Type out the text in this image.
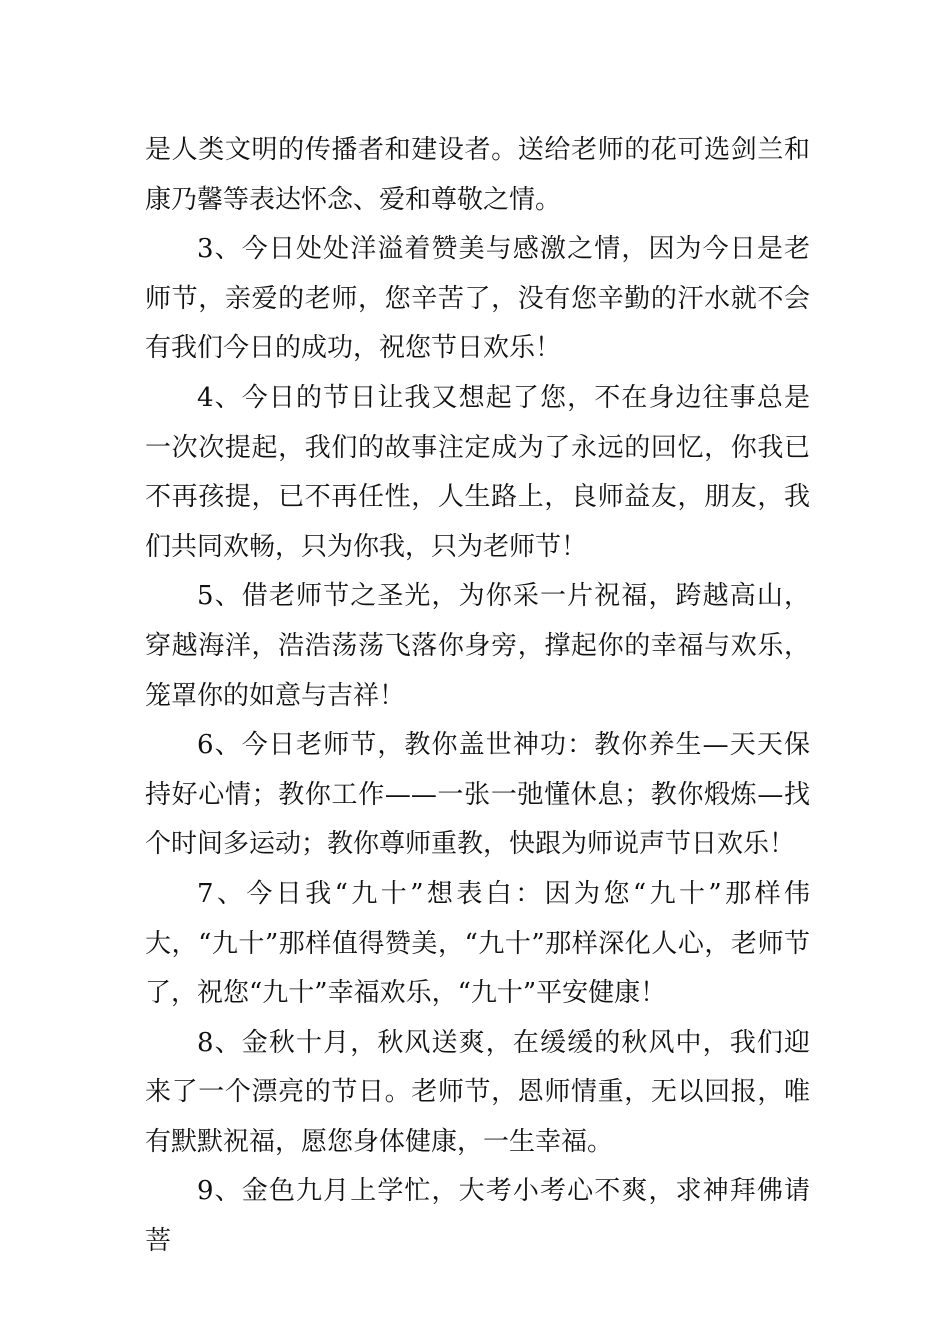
是人类文明的传播者和建设者。送给老师的花可选剑兰和康乃馨等表达怀念、爱和尊敬之情。

3、今日处处洋溢着赞美与感激之情，因为今日是老师节，亲爱的老师，您辛苦了，没有您辛勤的汗水就不会有我们今日的成功，祝您节日欢乐！

4、今日的节日让我又想起了您，不在身边往事总是一次次提起，我们的故事注定成为了永远的回忆，你我已不再孩提，已不再任性，人生路上，良师益友，朋友，我们共同欢畅，只为你我，只为老师节！

5、借老师节之圣光，为你采一片祝福，跨越高山，穿越海洋，浩浩荡荡飞落你身旁，撑起你的幸福与欢乐，笼罩你的如意与吉祥！

6、今日老师节，教你盖世神功：教你养生—天天保持好心情；教你工作——一张一弛懂休息；教你煅炼—找个时间多运动；教你尊师重教，快跟为师说声节日欢乐！

7、今日我“九十”想表白：因为您“九十”那样伟大，“九十”那样值得赞美，“九十”那样深化人心，老师节了，祝您“九十”幸福欢乐，“九十”平安健康！

8、金秋十月，秋风送爽，在缓缓的秋风中，我们迎来了一个漂亮的节日。老师节，恩师情重，无以回报，唯有默默祝福，愿您身体健康，一生幸福。

9、金色九月上学忙，大考小考心不爽，求神拜佛请菩
